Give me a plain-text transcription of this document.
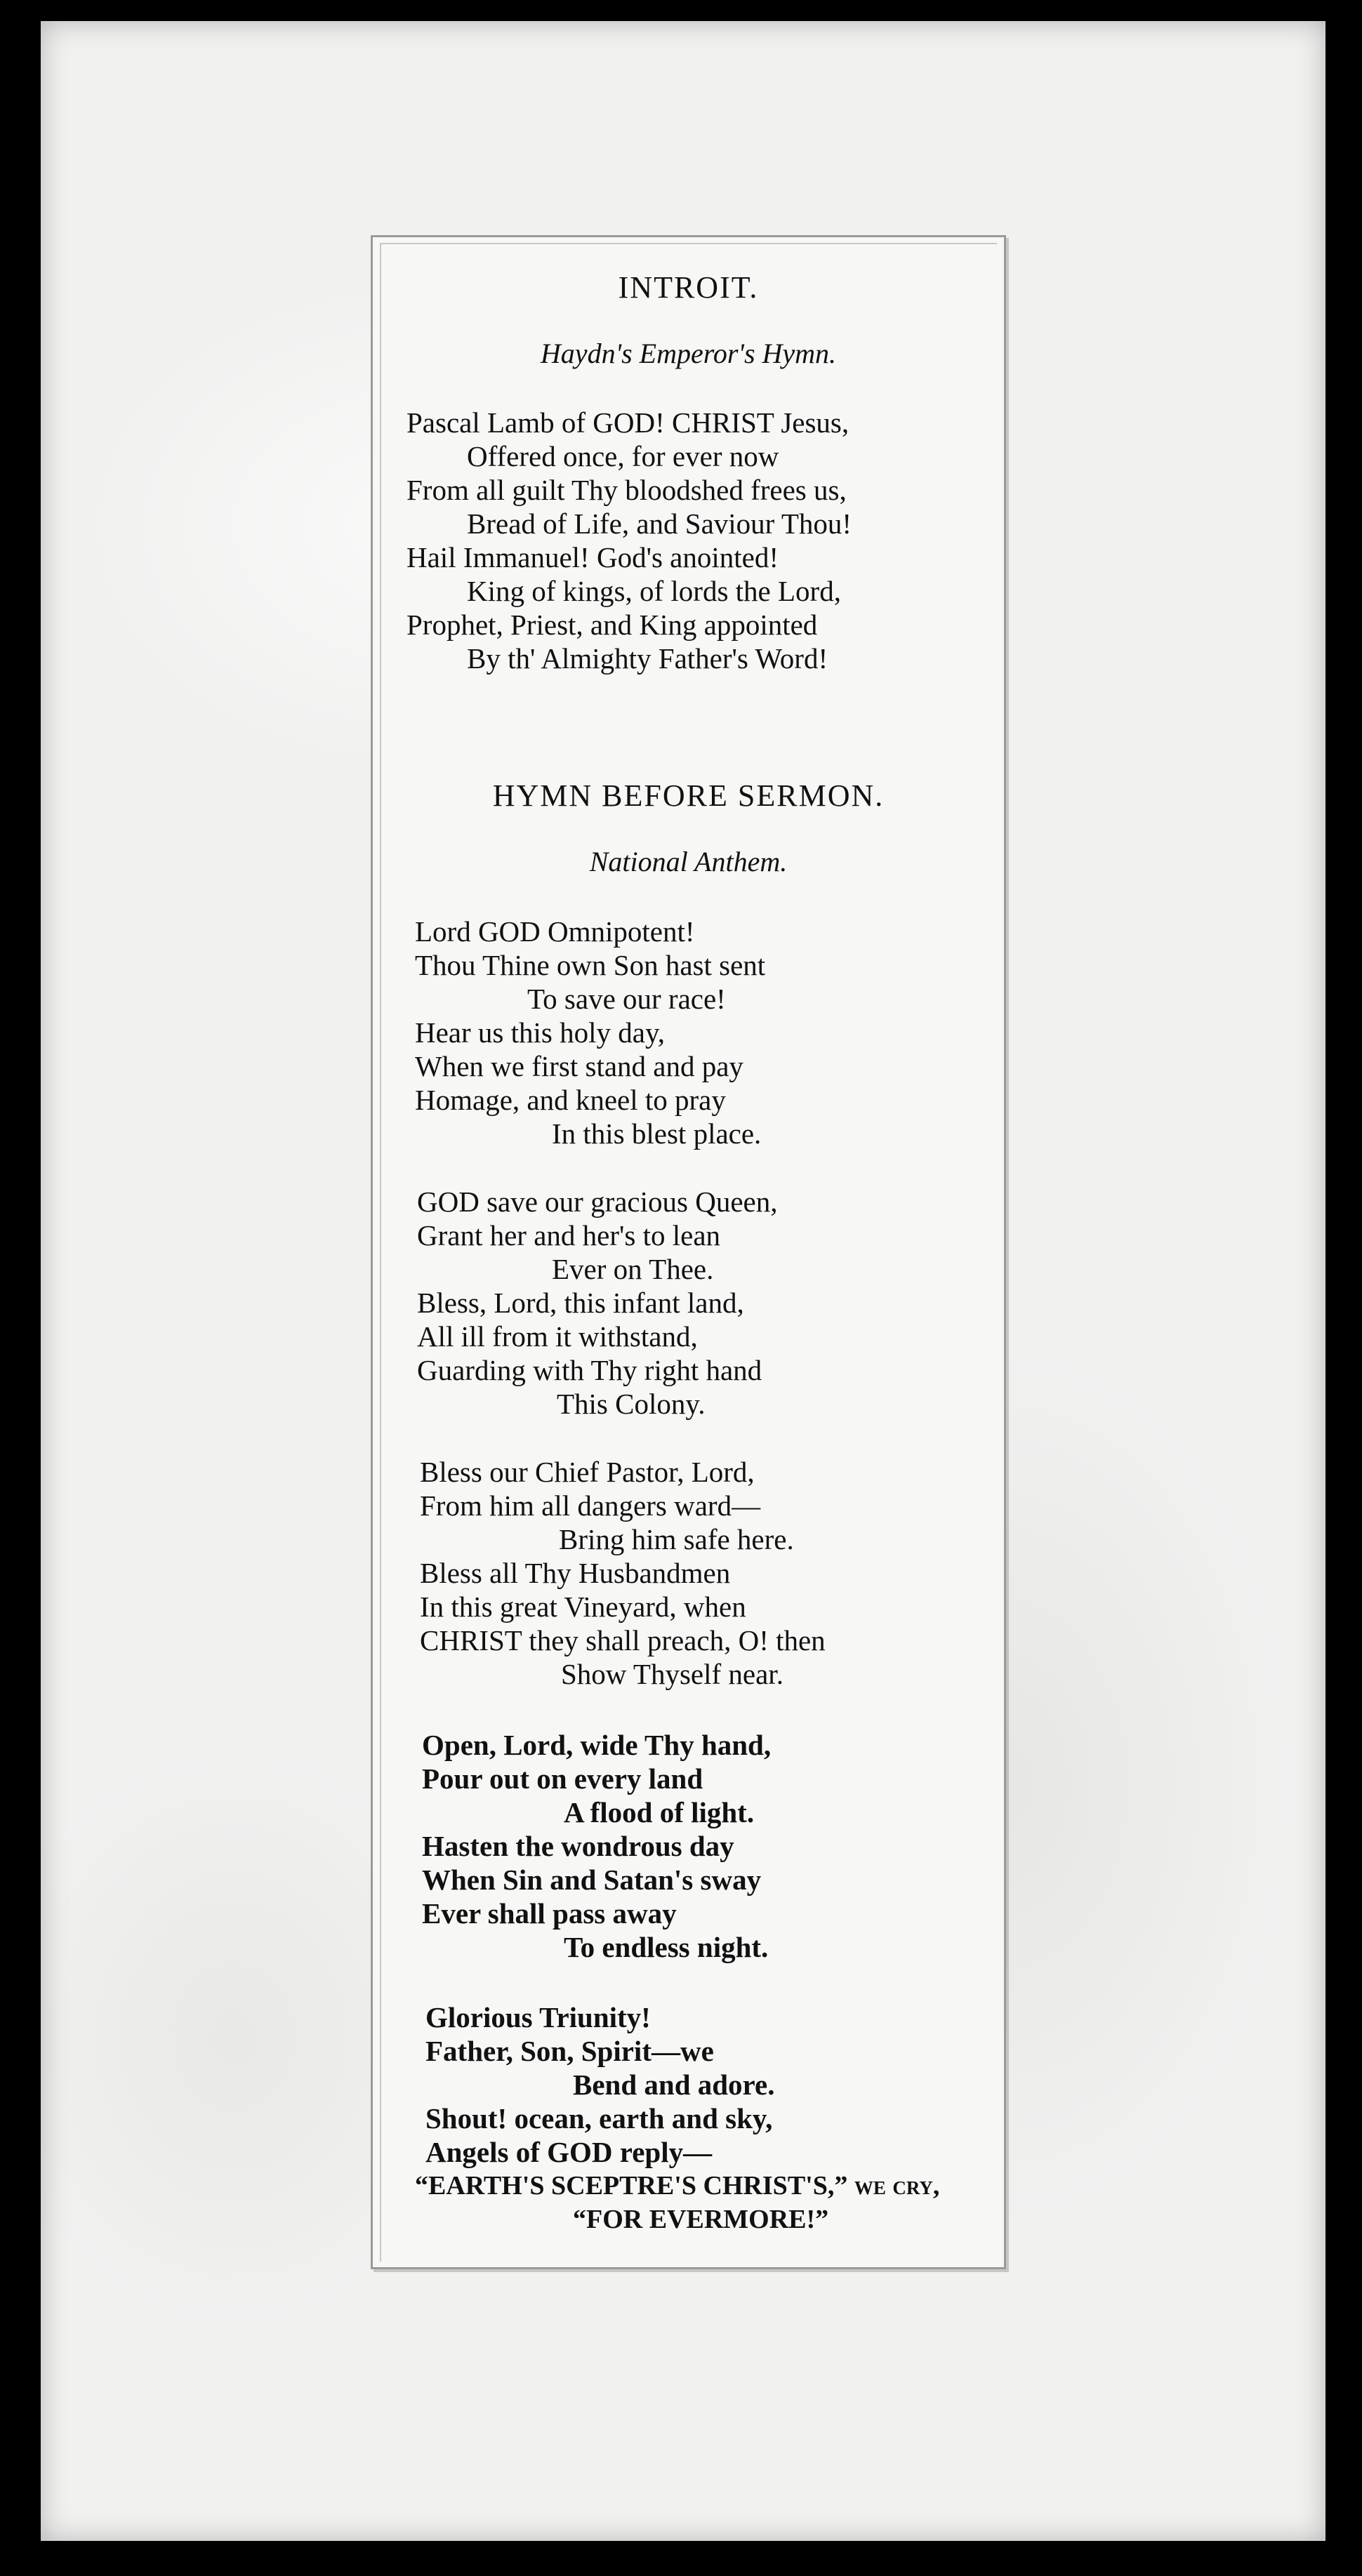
INTROIT.
Haydn's Emperor's Hymn.
Pascal Lamb of GOD! CHRIST Jesus,
Offered once, for ever now
From all guilt Thy bloodshed frees us,
Bread of Life, and Saviour Thou!
Hail Immanuel! God's anointed!
King of kings, of lords the Lord,
Prophet, Priest, and King appointed
By th' Almighty Father's Word!
HYMN BEFORE SERMON.
National Anthem.
Lord GOD Omnipotent!
Thou Thine own Son hast sent
To save our race!
Hear us this holy day,
When we first stand and pay
Homage, and kneel to pray
In this blest place.
GOD save our gracious Queen,
Grant her and her's to lean
Ever on Thee.
Bless, Lord, this infant land,
All ill from it withstand,
Guarding with Thy right hand
This Colony.
Bless our Chief Pastor, Lord,
From him all dangers ward—
Bring him safe here.
Bless all Thy Husbandmen
In this great Vineyard, when
CHRIST they shall preach, O! then
Show Thyself near.
Open, Lord, wide Thy hand,
Pour out on every land
A flood of light.
Hasten the wondrous day
When Sin and Satan's sway
Ever shall pass away
To endless night.
Glorious Triunity!
Father, Son, Spirit—we
Bend and adore.
Shout! ocean, earth and sky,
Angels of GOD reply—
“EARTH'S SCEPTRE'S CHRIST'S,” we cry,
“FOR EVERMORE!”
